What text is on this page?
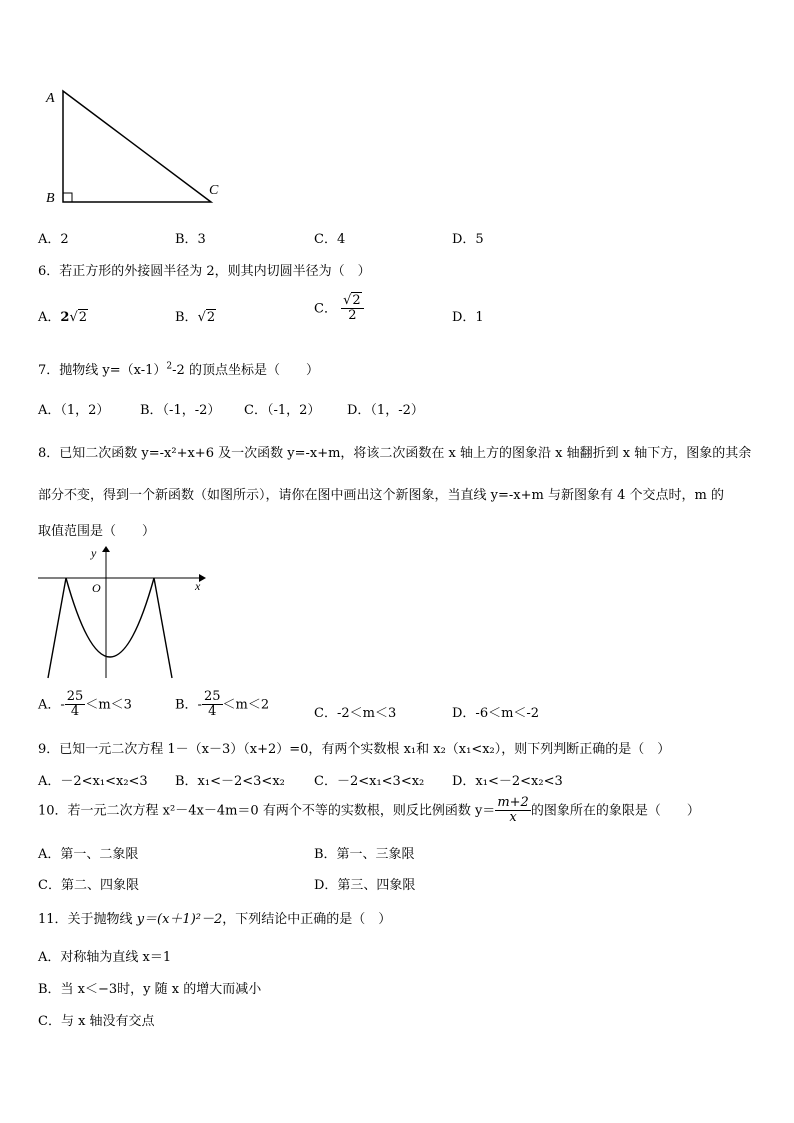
A
B
C
A．2	B．3	C．4	D．5
6．若正方形的外接圆半径为 2，则其内切圆半径为（　）
A．2√2	B．√2
C． $\frac{√2}{2}$	D．1
7．抛物线 $y=(x-1)^2-2$ 的顶点坐标是（　　）
A．（1，2） B．（-1，-2） C．（-1，2） D．（1，-2）
8．已知二次函数 y=-x²+x+6 及一次函数 y=-x+m，将该二次函数在 x 轴上方的图象沿 x 轴翻折到 x 轴下方，图象的其余
部分不变，得到一个新函数（如图所示），请你在图中画出这个新图象，当直线 y=-x+m 与新图象有 4 个交点时，m 的
取值范围是（　　）
y
x
O
A．- $\frac{25}{4} <m<3$	B．- $\frac{25}{4} <m<2$
C．-2＜m＜3	D．-6＜m＜-2
9．已知一元二次方程 1－（x－3）（x+2）=0，有两个实数根 x₁和 x₂（x₁<x₂），则下列判断正确的是（　）
A．－2<x₁<x₂<3 B．x₁<－2<3<x₂ C．－2<x₁<3<x₂ D．x₁<－2<x₂<3
10．若一元二次方程 x²－4x－4m＝0 有两个不等的实数根，则反比例函数 $y= \frac{m+2}{x}$ 的图象所在的象限是（　　）
A．第一、二象限	B．第一、三象限
C．第二、四象限	D．第三、四象限
11．关于抛物线 y＝(x＋1)²－2，下列结论中正确的是（　）
A．对称轴为直线 x＝1
B．当 x＜−3时，y 随 x 的增大而减小
C．与 x 轴没有交点
